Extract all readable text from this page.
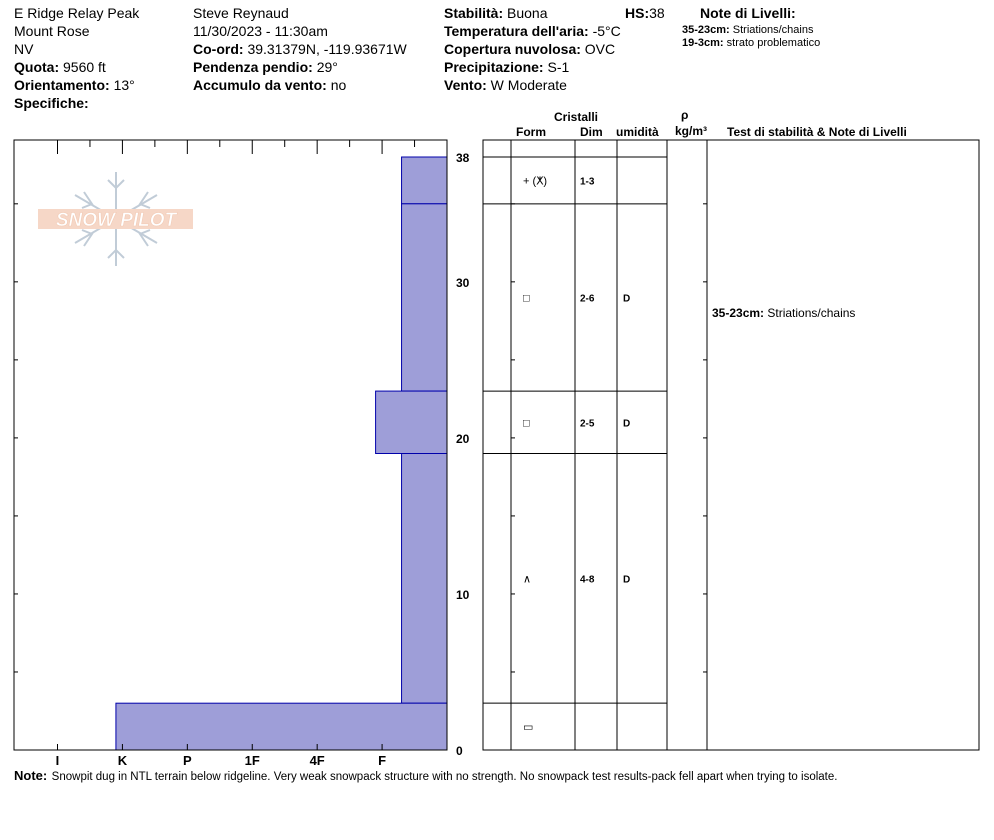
E Ridge Relay Peak
Mount Rose
NV
Quota: 9560 ft
Orientamento: 13°
Specifiche:
Steve Reynaud
11/30/2023 - 11:30am
Co-ord: 39.31379N, -119.93671W
Pendenza pendio: 29°
Accumulo da vento: no
Stabilità: Buona	HS:38
Temperatura dell'aria: -5°C
Copertura nuvolosa: OVC
Precipitazione: S-1
Vento: W Moderate
Note di Livelli:
35-23cm: Striations/chains
19-3cm: strato problematico
Cristalli
Form	Dim umidità
ρ
kg/m³ Test di stabilità & Note di Livelli
SNOW PILOT
I	K	P	1F	4F	F
38
30
20
10
0
+ (ⵅ)	1-3
□	2-6	D
□	2-5	D
∧	4-8	D
▭
35-23cm: Striations/chains
Note: Snowpit dug in NTL terrain below ridgeline. Very weak snowpack structure with no strength. No snowpack test results-pack fell apart when trying to isolate.
